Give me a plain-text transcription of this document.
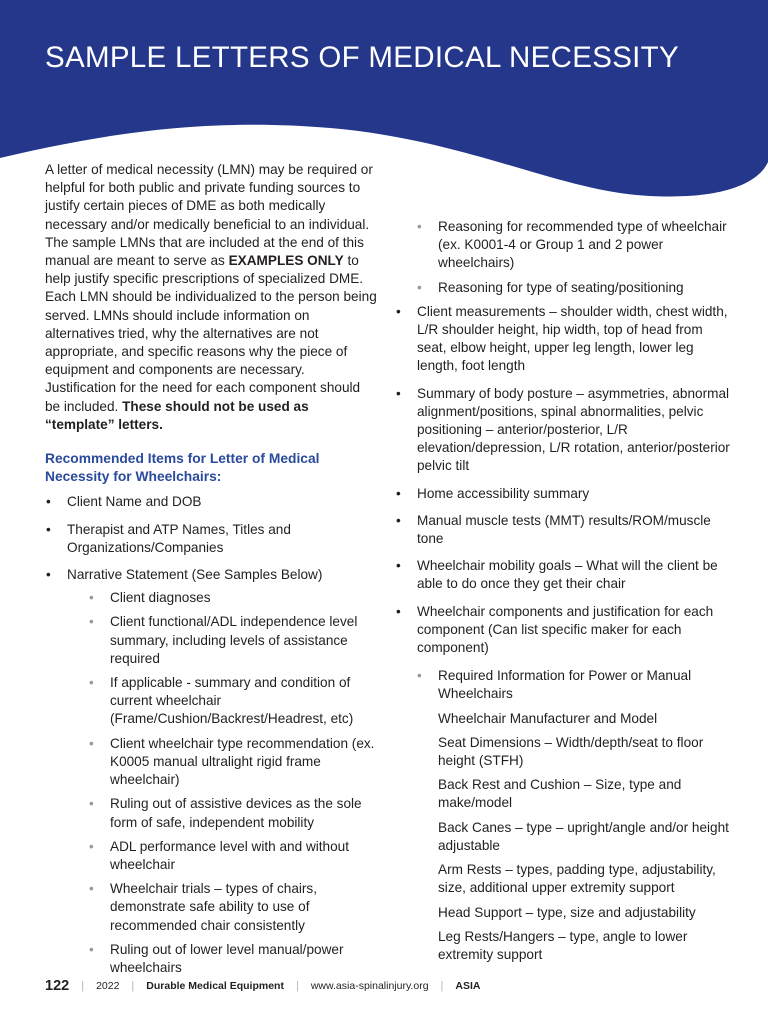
SAMPLE LETTERS OF MEDICAL NECESSITY

A letter of medical necessity (LMN) may be required or helpful for both public and private funding sources to justify certain pieces of DME as both medically necessary and/or medically beneficial to an individual. The sample LMNs that are included at the end of this manual are meant to serve as EXAMPLES ONLY to help justify specific prescriptions of specialized DME. Each LMN should be individualized to the person being served. LMNs should include information on alternatives tried, why the alternatives are not appropriate, and specific reasons why the piece of equipment and components are necessary. Justification for the need for each component should be included. These should not be used as “template” letters.

Recommended Items for Letter of Medical Necessity for Wheelchairs:
• Client Name and DOB
• Therapist and ATP Names, Titles and Organizations/Companies
• Narrative Statement (See Samples Below)
• Client diagnoses
• Client functional/ADL independence level summary, including levels of assistance required
• If applicable - summary and condition of current wheelchair (Frame/Cushion/Backrest/Headrest, etc)
• Client wheelchair type recommendation (ex. K0005 manual ultralight rigid frame wheelchair)
• Ruling out of assistive devices as the sole form of safe, independent mobility
• ADL performance level with and without wheelchair
• Wheelchair trials – types of chairs, demonstrate safe ability to use of recommended chair consistently
• Ruling out of lower level manual/power wheelchairs
• Reasoning for recommended type of wheelchair (ex. K0001-4 or Group 1 and 2 power wheelchairs)
• Reasoning for type of seating/positioning
• Client measurements – shoulder width, chest width, L/R shoulder height, hip width, top of head from seat, elbow height, upper leg length, lower leg length, foot length
• Summary of body posture – asymmetries, abnormal alignment/positions, spinal abnormalities, pelvic positioning – anterior/posterior, L/R elevation/depression, L/R rotation, anterior/posterior pelvic tilt
• Home accessibility summary
• Manual muscle tests (MMT) results/ROM/muscle tone
• Wheelchair mobility goals – What will the client be able to do once they get their chair
• Wheelchair components and justification for each component (Can list specific maker for each component)
• Required Information for Power or Manual Wheelchairs
Wheelchair Manufacturer and Model
Seat Dimensions – Width/depth/seat to floor height (STFH)
Back Rest and Cushion – Size, type and make/model
Back Canes – type – upright/angle and/or height adjustable
Arm Rests – types, padding type, adjustability, size, additional upper extremity support
Head Support – type, size and adjustability
Leg Rests/Hangers – type, angle to lower extremity support
122 | 2022 | Durable Medical Equipment | www.asia-spinalinjury.org | ASIA
